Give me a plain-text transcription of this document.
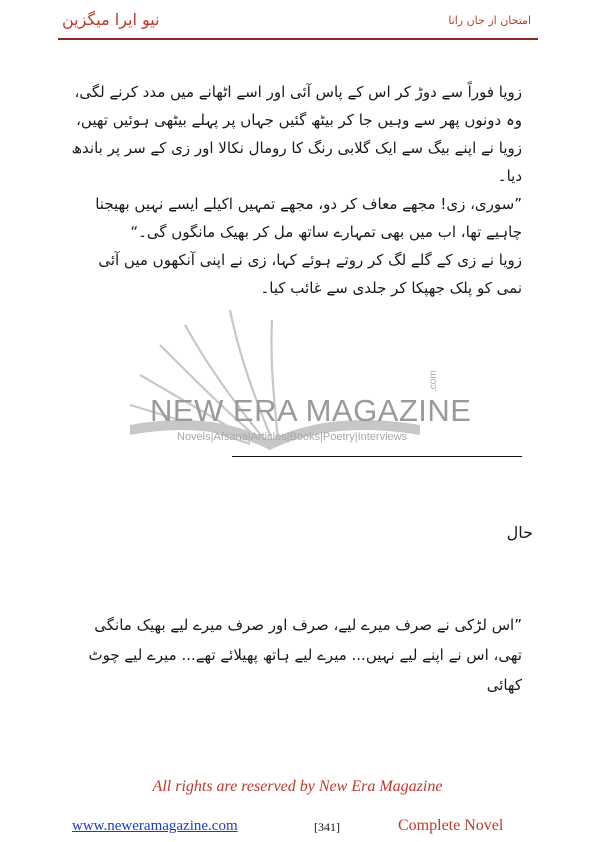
نیو ایرا میگزین	امتحان از جاں رانا
NEW ERA MAGAZINE
Novels|Afsana|Articles|Books|Poetry|Interviews
.com

زویا فوراً سے دوڑ کر اس کے پاس آئی اور اسے اٹھانے میں مدد کرنے لگی، وہ دونوں پھر سے وہیں جا کر بیٹھ گئیں جہاں پر پہلے بیٹھی ہوئیں تھیں، زویا نے اپنے بیگ سے ایک گلابی رنگ کا رومال نکالا اور زی کے سر پر باندھ دیا۔

”سوری، زی! مجھے معاف کر دو، مجھے تمہیں اکیلے ایسے نہیں بھیجنا چاہیے تھا، اب میں بھی تمہارے ساتھ مل کر بھیک مانگوں گی۔“

زویا نے زی کے گلے لگ کر روتے ہوئے کہا، زی نے اپنی آنکھوں میں آئی نمی کو پلک جھپکا کر جلدی سے غائب کیا۔

حال

”اس لڑکی نے صرف میرے لیے، صرف اور صرف میرے لیے بھیک مانگی تھی، اس نے اپنے لیے نہیں... میرے لیے ہاتھ پھیلائے تھے... میرے لیے چوٹ کھائی

All rights are reserved by New Era Magazine
www.neweramagazine.com	[341]	Complete Novel
